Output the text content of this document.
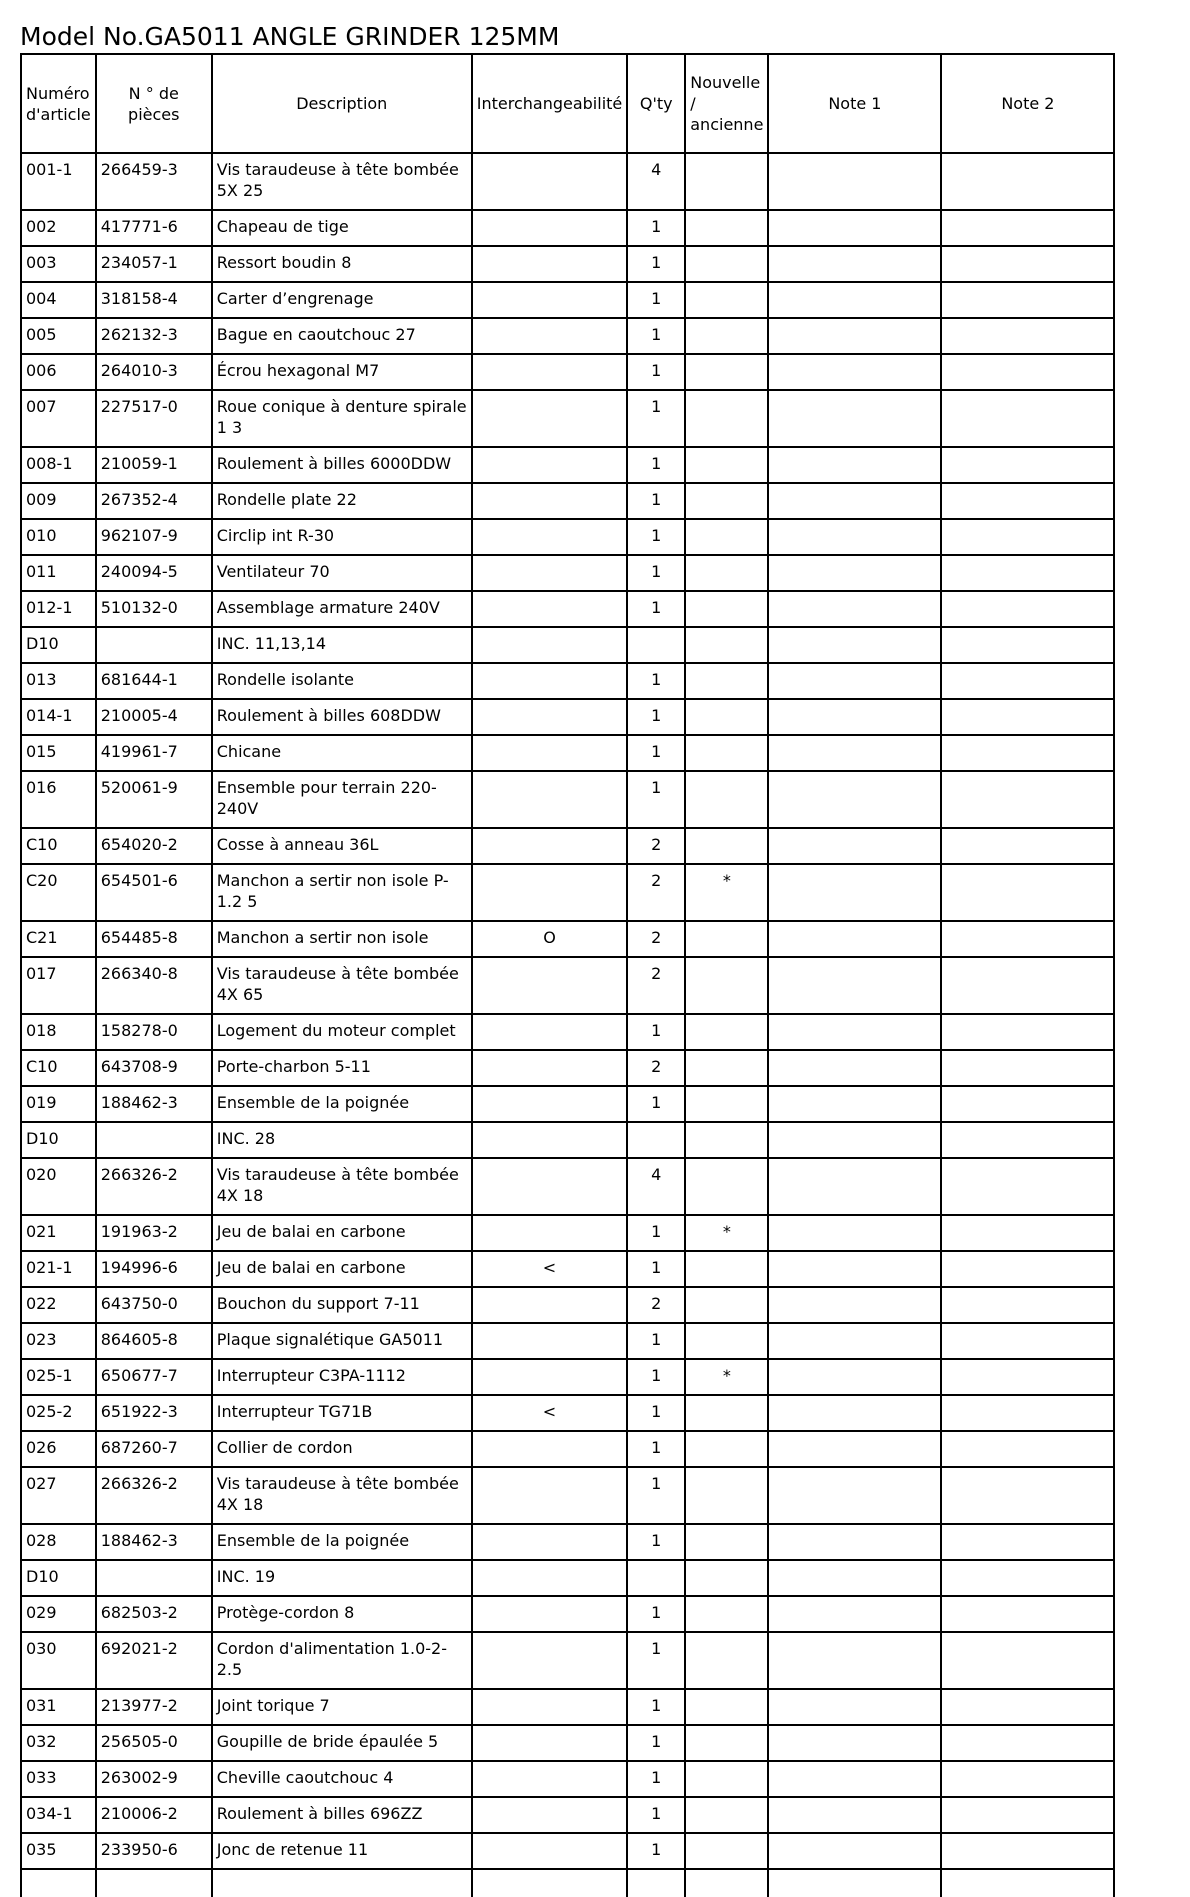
Model No.GA5011 ANGLE GRINDER 125MM
Numéro d'article	N ° de pièces	Description	Interchangeabilité	Q'ty	Nouvelle / ancienne	Note 1	Note 2
001-1	266459-3	Vis taraudeuse à tête bombée 5X 25		4			
002	417771-6	Chapeau de tige		1			
003	234057-1	Ressort boudin 8		1			
004	318158-4	Carter d’engrenage		1			
005	262132-3	Bague en caoutchouc 27		1			
006	264010-3	Écrou hexagonal M7		1			
007	227517-0	Roue conique à denture spirale 1 3		1			
008-1	210059-1	Roulement à billes 6000DDW		1			
009	267352-4	Rondelle plate 22		1			
010	962107-9	Circlip int R-30		1			
011	240094-5	Ventilateur 70		1			
012-1	510132-0	Assemblage armature 240V		1			
D10		INC. 11,13,14					
013	681644-1	Rondelle isolante		1			
014-1	210005-4	Roulement à billes 608DDW		1			
015	419961-7	Chicane		1			
016	520061-9	Ensemble pour terrain 220-240V		1			
C10	654020-2	Cosse à anneau 36L		2			
C20	654501-6	Manchon a sertir non isole P-1.2 5		2	*		
C21	654485-8	Manchon a sertir non isole	O	2			
017	266340-8	Vis taraudeuse à tête bombée 4X 65		2			
018	158278-0	Logement du moteur complet		1			
C10	643708-9	Porte-charbon 5-11		2			
019	188462-3	Ensemble de la poignée		1			
D10		INC. 28					
020	266326-2	Vis taraudeuse à tête bombée 4X 18		4			
021	191963-2	Jeu de balai en carbone		1	*		
021-1	194996-6	Jeu de balai en carbone	<	1			
022	643750-0	Bouchon du support 7-11		2			
023	864605-8	Plaque signalétique GA5011		1			
025-1	650677-7	Interrupteur C3PA-1112		1	*		
025-2	651922-3	Interrupteur TG71B	<	1			
026	687260-7	Collier de cordon		1			
027	266326-2	Vis taraudeuse à tête bombée 4X 18		1			
028	188462-3	Ensemble de la poignée		1			
D10		INC. 19					
029	682503-2	Protège-cordon 8		1			
030	692021-2	Cordon d'alimentation 1.0-2-2.5		1			
031	213977-2	Joint torique 7		1			
032	256505-0	Goupille de bride épaulée 5		1			
033	263002-9	Cheville caoutchouc 4		1			
034-1	210006-2	Roulement à billes 696ZZ		1			
035	233950-6	Jonc de retenue 11		1			
